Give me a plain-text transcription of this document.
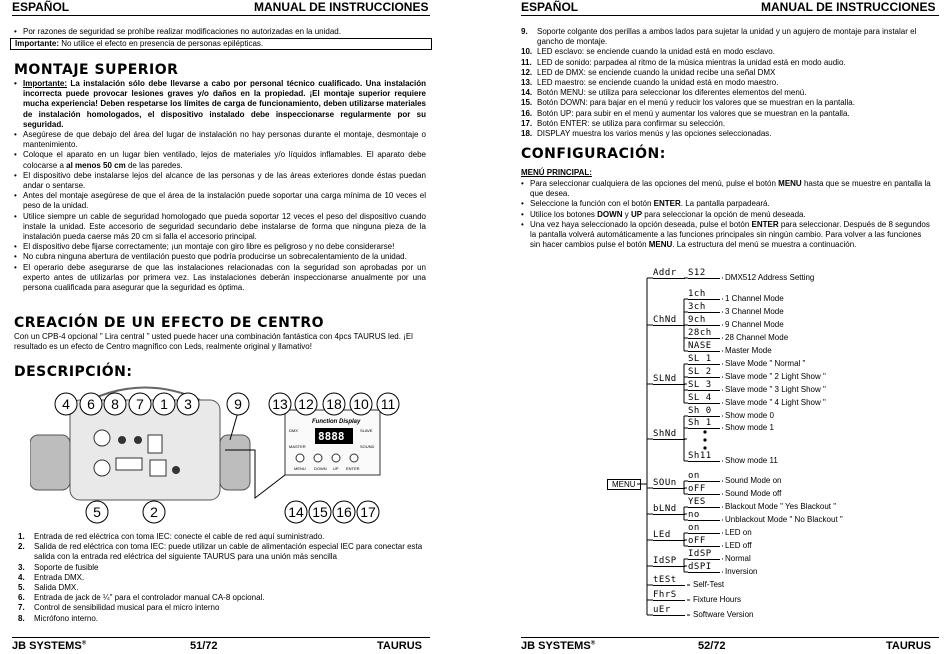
ESPAÑOL	MANUAL DE INSTRUCCIONES
• Por razones de seguridad se prohíbe realizar modificaciones no autorizadas en la unidad.
Importante: No utilice el efecto en presencia de personas epilépticas.
MONTAJE SUPERIOR
• Importante: La instalación sólo debe llevarse a cabo por personal técnico cualificado. Una instalación incorrecta puede provocar lesiones graves y/o daños en la propiedad. ¡El montaje superior requiere mucha experiencia! Deben respetarse los límites de carga de funcionamiento, deben utilizarse materiales de instalación homologados, el dispositivo instalado debe inspeccionarse regularmente por su seguridad.
• Asegúrese de que debajo del área del lugar de instalación no hay personas durante el montaje, desmontaje o mantenimiento.
• Coloque el aparato en un lugar bien ventilado, lejos de materiales y/o líquidos inflamables. El aparato debe colocarse a al menos 50 cm de las paredes.
• El dispositivo debe instalarse lejos del alcance de las personas y de las áreas exteriores donde éstas puedan andar o sentarse.
• Antes del montaje asegúrese de que el área de la instalación puede soportar una carga mínima de 10 veces el peso de la unidad.
• Utilice siempre un cable de seguridad homologado que pueda soportar 12 veces el peso del dispositivo cuando instale la unidad. Este accesorio de seguridad secundario debe instalarse de forma que ninguna pieza de la instalación pueda caerse más 20 cm si falla el accesorio principal.
• El dispositivo debe fijarse correctamente; ¡un montaje con giro libre es peligroso y no debe considerarse!
• No cubra ninguna abertura de ventilación puesto que podría producirse un sobrecalentamiento de la unidad.
• El operario debe asegurarse de que las instalaciones relacionadas con la seguridad son aprobadas por un experto antes de utilizarlas por primera vez. Las instalaciones deberán inspeccionarse anualmente por una persona cualificada para asegurar que la seguridad es óptima.
CREACIÓN DE UN EFECTO DE CENTRO
Con un CPB-4 opcional " Lira central " usted puede hacer una combinación fantástica con 4pcs TAURUS led. ¡El resultado es un efecto de Centro magnífico con Leds, realmente original y llamativo!
DESCRIPCIÓN:
Function Display
8888
DMX
MASTER
SLAVE
SOUND
MENU DOWN UP ENTER
4 6 8 7 1 3	9 13 12 18 10 11
5	2	14 15 16 17
1. Entrada de red eléctrica con toma IEC: conecte el cable de red aquí suministrado.
2. Salida de red eléctrica con toma IEC: puede utilizar un cable de alimentación especial IEC para conectar esta salida con la entrada red eléctrica del siguiente TAURUS para una unión más sencilla
3. Soporte de fusible
4. Entrada DMX.
5. Salida DMX.
6. Entrada de jack de ¼" para el controlador manual CA-8 opcional.
7. Control de sensibilidad musical para el micro interno
8. Micrófono interno.
JB SYSTEMS®	51/72	TAURUS
ESPAÑOL	MANUAL DE INSTRUCCIONES
9. Soporte colgante dos perillas a ambos lados para sujetar la unidad y un agujero de montaje para instalar el gancho de montaje.
10. LED esclavo: se enciende cuando la unidad está en modo esclavo.
11. LED de sonido: parpadea al ritmo de la música mientras la unidad está en modo audio.
12. LED de DMX: se enciende cuando la unidad recibe una señal DMX
13. LED maestro: se enciende cuando la unidad está en modo maestro.
14. Botón MENU: se utiliza para seleccionar los diferentes elementos del menú.
15. Botón DOWN: para bajar en el menú y reducir los valores que se muestran en la pantalla.
16. Botón UP: para subir en el menú y aumentar los valores que se muestran en la pantalla.
17. Botón ENTER: se utiliza para confirmar su selección.
18. DISPLAY muestra los varios menús y las opciones seleccionadas.
CONFIGURACIÓN:
MENÚ PRINCIPAL:
• Para seleccionar cualquiera de las opciones del menú, pulse el botón MENU hasta que se muestre en pantalla la que desea.
• Seleccione la función con el botón ENTER. La pantalla parpadeará.
• Utilice los botones DOWN y UP para seleccionar la opción de menú deseada.
• Una vez haya seleccionado la opción deseada, pulse el botón ENTER para seleccionar. Después de 8 segundos la pantalla volverá automáticamente a las funciones principales sin ningún cambio. Para volver a las funciones sin hacer cambios pulse el botón MENU. La estructura del menú se muestra a continuación.
MENU
Addr	S12	DMX512 Address Setting
ChNd
1ch	1 Channel Mode
3ch	3 Channel Mode
9ch	9 Channel Mode
28ch	28 Channel Mode
NASE	Master Mode
SLNd
SL 1	Slave Mode " Normal "
SL 2	Slave mode " 2 Light Show "
SL 3	Slave mode " 3 Light Show "
SL 4	Slave mode " 4 Light Show "
ShNd
Sh 0	Show mode 0
Sh 1	Show mode 1
Sh11	Show mode 11
SOUn
on	Sound Mode on
oFF	Sound Mode off
bLNd
YES	Blackout Mode " Yes Blackout "
no	Unblackout Mode " No Blackout "
LEd
on	LED on
oFF	LED off
IdSP
IdSP	Normal
dSPI	Inversion
tESt	Self-Test
FhrS	Fixture Hours
uEr	Software Version
JB SYSTEMS®	52/72	TAURUS
